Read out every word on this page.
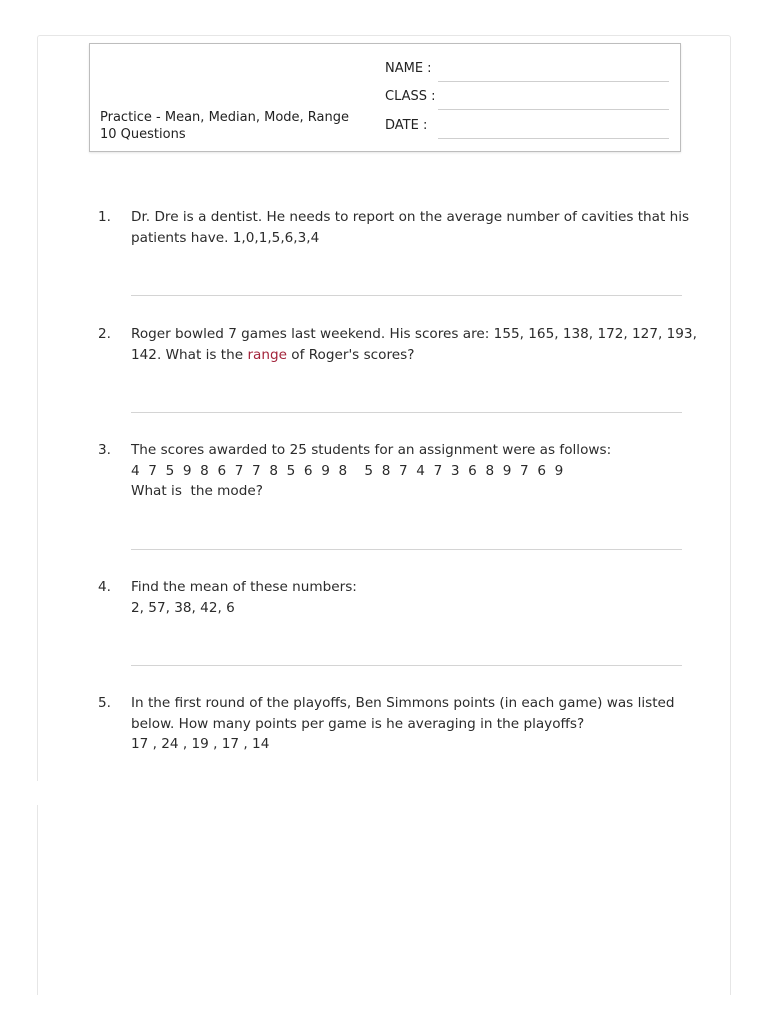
Practice - Mean, Median, Mode, Range
10 Questions
NAME :
CLASS :
DATE :
1. Dr. Dre is a dentist. He needs to report on the average number of cavities that his
patients have. 1,0,1,5,6,3,4
2. Roger bowled 7 games last weekend. His scores are: 155, 165, 138, 172, 127, 193,
142. What is the range of Roger's scores?
3. The scores awarded to 25 students for an assignment were as follows:
4  7  5  9  8  6  7  7  8  5  6  9  8    5  8  7  4  7  3  6  8  9  7  6  9
What is  the mode?
4. Find the mean of these numbers:
2, 57, 38, 42, 6
5. In the first round of the playoffs, Ben Simmons points (in each game) was listed
below. How many points per game is he averaging in the playoffs?
17 , 24 , 19 , 17 , 14
